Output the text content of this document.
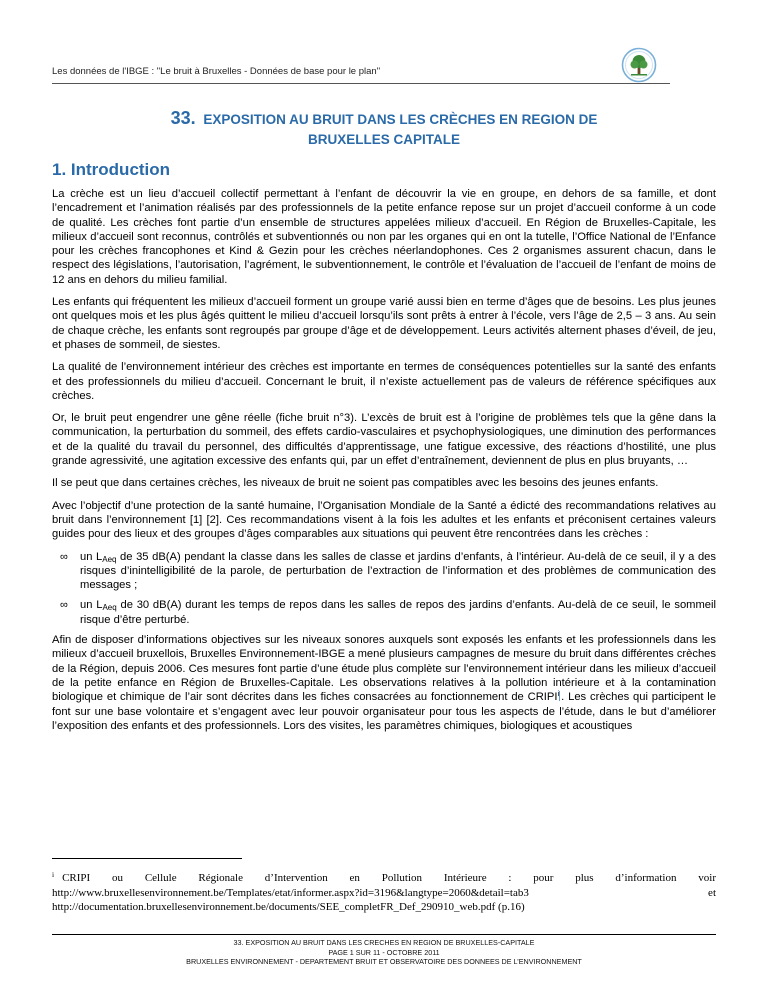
Les données de l'IBGE : "Le bruit à Bruxelles - Données de base pour le plan"
33. EXPOSITION AU BRUIT DANS LES CRÈCHES EN REGION DE
BRUXELLES CAPITALE
1. Introduction

La crèche est un lieu d’accueil collectif permettant à l’enfant de découvrir la vie en groupe, en dehors de sa famille, et dont l’encadrement et l’animation réalisés par des professionnels de la petite enfance repose sur un projet d’accueil conforme à un code de qualité. Les crèches font partie d’un ensemble de structures appelées milieux d’accueil. En Région de Bruxelles-Capitale, les milieux d’accueil sont reconnus, contrôlés et subventionnés ou non par les organes qui en ont la tutelle, l’Office National de l’Enfance pour les crèches francophones et Kind & Gezin pour les crèches néerlandophones. Ces 2 organismes assurent chacun, dans le respect des législations, l’autorisation, l’agrément, le subventionnement, le contrôle et l’évaluation de l’accueil de l’enfant de moins de 12 ans en dehors du milieu familial.

Les enfants qui fréquentent les milieux d’accueil forment un groupe varié aussi bien en terme d’âges que de besoins. Les plus jeunes ont quelques mois et les plus âgés quittent le milieu d’accueil lorsqu’ils sont prêts à entrer à l’école, vers l’âge de 2,5 – 3 ans. Au sein de chaque crèche, les enfants sont regroupés par groupe d’âge et de développement. Leurs activités alternent phases d’éveil, de jeu, et phases de sommeil, de siestes.

La qualité de l’environnement intérieur des crèches est importante en termes de conséquences potentielles sur la santé des enfants et des professionnels du milieu d’accueil. Concernant le bruit, il n’existe actuellement pas de valeurs de référence spécifiques aux crèches.

Or, le bruit peut engendrer une gêne réelle (fiche bruit n°3). L’excès de bruit est à l’origine de problèmes tels que la gêne dans la communication, la perturbation du sommeil, des effets cardio-vasculaires et psychophysiologiques, une diminution des performances et de la qualité du travail du personnel, des difficultés d’apprentissage, une fatigue excessive, des réactions d’hostilité, une plus grande agressivité, une agitation excessive des enfants qui, par un effet d’entraînement, deviennent de plus en plus bruyants, …

Il se peut que dans certaines crèches, les niveaux de bruit ne soient pas compatibles avec les besoins des jeunes enfants.

Avec l’objectif d’une protection de la santé humaine, l’Organisation Mondiale de la Santé a édicté des recommandations relatives au bruit dans l’environnement [1] [2]. Ces recommandations visent à la fois les adultes et les enfants et préconisent certaines valeurs guides pour des lieux et des groupes d’âges comparables aux situations qui peuvent être rencontrées dans les crèches :

∞ un $L_{Aeq}$ de 35 dB(A) pendant la classe dans les salles de classe et jardins d’enfants, à l’intérieur. Au-delà de ce seuil, il y a des risques d’inintelligibilité de la parole, de perturbation de l’extraction de l’information et des problèmes de communication des messages ;
∞ un $L_{Aeq}$ de 30 dB(A) durant les temps de repos dans les salles de repos des jardins d’enfants. Au-delà de ce seuil, le sommeil risque d’être perturbé.

Afin de disposer d’informations objectives sur les niveaux sonores auxquels sont exposés les enfants et les professionnels dans les milieux d’accueil bruxellois, Bruxelles Environnement-IBGE a mené plusieurs campagnes de mesure du bruit dans différentes crèches de la Région, depuis 2006. Ces mesures font partie d’une étude plus complète sur l’environnement intérieur dans les milieux d’accueil de la petite enfance en Région de Bruxelles-Capitale. Les observations relatives à la pollution intérieure et à la contamination biologique et chimique de l’air sont décrites dans les fiches consacrées au fonctionnement de CRIPI$^i$ . Les crèches qui participent le font sur une base volontaire et s’engagent avec leur pouvoir organisateur pour tous les aspects de l’étude, dans le but d’améliorer l’exposition des enfants et des professionnels. Lors des visites, les paramètres chimiques, biologiques et acoustiques

$^i$ CRIPI ou Cellule Régionale d’Intervention en Pollution Intérieure : pour plus d’information voir http://www.bruxellesenvironnement.be/Templates/etat/informer.aspx?id=3196&langtype=2060&detail=tab3 et http://documentation.bruxellesenvironnement.be/documents/SEE_completFR_Def_290910_web.pdf (p.16)
33. EXPOSITION AU BRUIT DANS LES CRECHES EN REGION DE BRUXELLES-CAPITALE
PAGE 1 SUR 11 - OCTOBRE 2011
BRUXELLES ENVIRONNEMENT - DEPARTEMENT BRUIT ET OBSERVATOIRE DES DONNEES DE L’ENVIRONNEMENT
